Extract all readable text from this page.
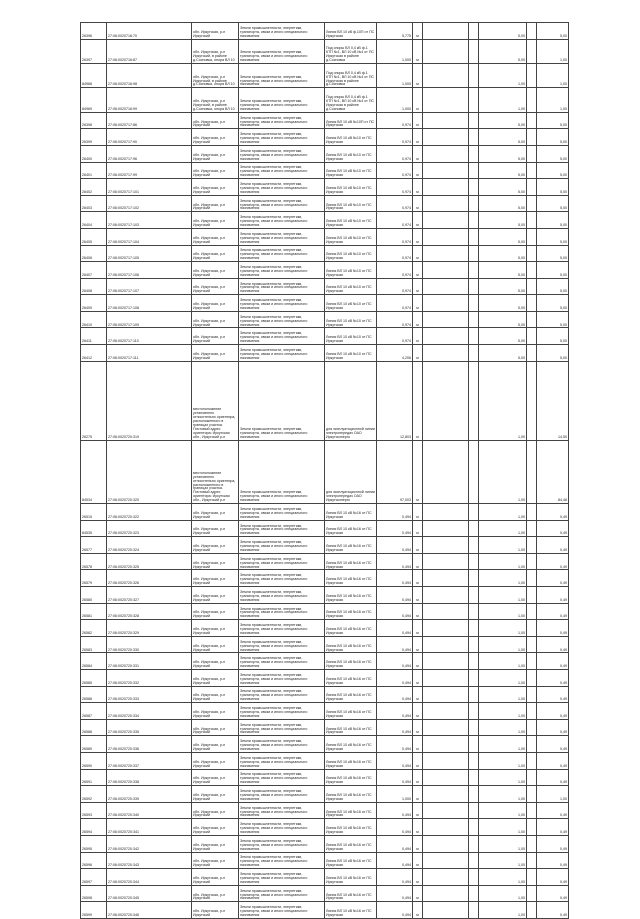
26396	27:06:0020716:70	обл. Иркутская, р-н Иркутский	Земли промышленности, энергетики, транспорта, связи и иного специального назначения	Линия ВЛ 10 кВ ф.10П от ПС Иркутская	5,775	м			5,00		5,00
26397	27:06:0020716:87	обл. Иркутская, р-н Иркутский, в районе д.Сосновка, опора ВЛ 10	Земли промышленности, энергетики, транспорта, связи и иного специального назначения	Под опоры ВЛ 0,4 кВ ф.1 КТП №1, ВЛ 10 кВ №4 от ПС Иркутская в районе д.Сосновка	1,000	м			5,00		1,00
84968	27:06:0020716:98	обл. Иркутская, р-н Иркутский, в районе д.Сосновка, опора ВЛ 10	Земли промышленности, энергетики, транспорта, связи и иного специального назначения	Под опоры ВЛ 0,4 кВ ф.1 КТП №1, ВЛ 10 кВ №4 от ПС Иркутская в районе д.Сосновка	1,000	м			1,00		1,00
84969	27:06:0020716:99	обл. Иркутская, р-н Иркутский, в районе д.Сосновка, опора ВЛ 10	Земли промышленности, энергетики, транспорта, связи и иного специального назначения	Под опоры ВЛ 0,4 кВ ф.1 КТП №1, ВЛ 10 кВ №4 от ПС Иркутская в районе д.Сосновка	1,000	м			1,00		1,00
26398	27:06:0020717:86	обл. Иркутская, р-н Иркутский	Земли промышленности, энергетики, транспорта, связи и иного специального назначения	Линия ВЛ 10 кВ №10П от ПС Иркутская	0,974	м			5,00		5,00
26399	27:06:0020717:90	обл. Иркутская, р-н Иркутский	Земли промышленности, энергетики, транспорта, связи и иного специального назначения	Линия ВЛ 10 кВ №10 от ПС Иркутская	0,974	м			5,00		5,00
26400	27:06:0020717:96	обл. Иркутская, р-н Иркутский	Земли промышленности, энергетики, транспорта, связи и иного специального назначения	Линия ВЛ 10 кВ №10 от ПС Иркутская	0,974	м			5,00		5,00
26401	27:06:0020717:99	обл. Иркутская, р-н Иркутский	Земли промышленности, энергетики, транспорта, связи и иного специального назначения	Линия ВЛ 10 кВ №10 от ПС Иркутская	0,974	м			5,00		5,00
26402	27:06:0020717:101	обл. Иркутская, р-н Иркутский	Земли промышленности, энергетики, транспорта, связи и иного специального назначения	Линия ВЛ 10 кВ №10 от ПС Иркутская	0,974	м			5,00		5,00
26403	27:06:0020717:102	обл. Иркутская, р-н Иркутский	Земли промышленности, энергетики, транспорта, связи и иного специального назначения	Линия ВЛ 10 кВ №10 от ПС Иркутская	0,974	м			5,00		5,00
26404	27:06:0020717:103	обл. Иркутская, р-н Иркутский	Земли промышленности, энергетики, транспорта, связи и иного специального назначения	Линия ВЛ 10 кВ №10 от ПС Иркутская	0,974	м			5,00		5,00
26405	27:06:0020717:104	обл. Иркутская, р-н Иркутский	Земли промышленности, энергетики, транспорта, связи и иного специального назначения	Линия ВЛ 10 кВ №10 от ПС Иркутская	0,974	м			5,00		5,00
26406	27:06:0020717:105	обл. Иркутская, р-н Иркутский	Земли промышленности, энергетики, транспорта, связи и иного специального назначения	Линия ВЛ 10 кВ №10 от ПС Иркутская	0,974	м			5,00		5,00
26407	27:06:0020717:106	обл. Иркутская, р-н Иркутский	Земли промышленности, энергетики, транспорта, связи и иного специального назначения	Линия ВЛ 10 кВ №10 от ПС Иркутская	0,974	м			5,00		5,00
26408	27:06:0020717:107	обл. Иркутская, р-н Иркутский	Земли промышленности, энергетики, транспорта, связи и иного специального назначения	Линия ВЛ 10 кВ №10 от ПС Иркутская	0,974	м			5,00		5,00
26409	27:06:0020717:108	обл. Иркутская, р-н Иркутский	Земли промышленности, энергетики, транспорта, связи и иного специального назначения	Линия ВЛ 10 кВ №10 от ПС Иркутская	0,974	м			5,00		5,00
26410	27:06:0020717:109	обл. Иркутская, р-н Иркутский	Земли промышленности, энергетики, транспорта, связи и иного специального назначения	Линия ВЛ 10 кВ №10 от ПС Иркутская	0,974	м			5,00		5,00
26411	27:06:0020717:110	обл. Иркутская, р-н Иркутский	Земли промышленности, энергетики, транспорта, связи и иного специального назначения	Линия ВЛ 10 кВ №10 от ПС Иркутская	0,974	м			5,00		5,00
26412	27:06:0020717:111	обл. Иркутская, р-н Иркутский	Земли промышленности, энергетики, транспорта, связи и иного специального назначения	Линия ВЛ 10 кВ №10 от ПС Иркутская	4,206	м			5,00		5,00
26275	27:06:0020720:319	местоположение установлено относительно ориентира, расположенного в границах участка. Почтовый адрес ориентира: Иркутская обл., Иркутский р-н	Земли промышленности, энергетики, транспорта, связи и иного специального назначения	для эксплуатационной линии электропередач ОАО Иркутскэнерго	12,803	м			1,00		14,50
84534	27:06:0020720:320	местоположение установлено относительно ориентира, расположенного в границах участка. Почтовый адрес ориентира: Иркутская обл., Иркутский р-н	Земли промышленности, энергетики, транспорта, связи и иного специального назначения	для эксплуатационной линии электропередач ОАО Иркутскэнерго	97,003	м			1,00		84,46
26515	27:06:0020720:322	обл. Иркутская, р-н Иркутский	Земли промышленности, энергетики, транспорта, связи и иного специального назначения	Линия ВЛ 10 кВ №16 от ПС Иркутская	0,494	м			1,00		0,49
84535	27:06:0020720:323	обл. Иркутская, р-н Иркутский	Земли промышленности, энергетики, транспорта, связи и иного специального назначения	Линия ВЛ 10 кВ №16 от ПС Иркутская	0,494	м			1,00		0,49
26577	27:06:0020720:324	обл. Иркутская, р-н Иркутский	Земли промышленности, энергетики, транспорта, связи и иного специального назначения	Линия ВЛ 10 кВ №16 от ПС Иркутская	0,494	м			1,00		0,49
26578	27:06:0020720:325	обл. Иркутская, р-н Иркутский	Земли промышленности, энергетики, транспорта, связи и иного специального назначения	Линия ВЛ 10 кВ №16 от ПС Иркутская	0,494	м			1,00		0,49
26579	27:06:0020720:326	обл. Иркутская, р-н Иркутский	Земли промышленности, энергетики, транспорта, связи и иного специального назначения	Линия ВЛ 10 кВ №16 от ПС Иркутская	0,494	м			1,00		0,49
26580	27:06:0020720:327	обл. Иркутская, р-н Иркутский	Земли промышленности, энергетики, транспорта, связи и иного специального назначения	Линия ВЛ 10 кВ №16 от ПС Иркутская	0,494	м			1,00		0,49
26581	27:06:0020720:328	обл. Иркутская, р-н Иркутский	Земли промышленности, энергетики, транспорта, связи и иного специального назначения	Линия ВЛ 10 кВ №16 от ПС Иркутская	0,494	м			1,00		0,49
26582	27:06:0020720:329	обл. Иркутская, р-н Иркутский	Земли промышленности, энергетики, транспорта, связи и иного специального назначения	Линия ВЛ 10 кВ №16 от ПС Иркутская	0,494	м			1,00		0,49
26583	27:06:0020720:330	обл. Иркутская, р-н Иркутский	Земли промышленности, энергетики, транспорта, связи и иного специального назначения	Линия ВЛ 10 кВ №16 от ПС Иркутская	0,494	м			1,00		0,49
26584	27:06:0020720:331	обл. Иркутская, р-н Иркутский	Земли промышленности, энергетики, транспорта, связи и иного специального назначения	Линия ВЛ 10 кВ №16 от ПС Иркутская	0,494	м			1,00		0,49
26585	27:06:0020720:332	обл. Иркутская, р-н Иркутский	Земли промышленности, энергетики, транспорта, связи и иного специального назначения	Линия ВЛ 10 кВ №16 от ПС Иркутская	0,494	м			1,00		0,49
26586	27:06:0020720:333	обл. Иркутская, р-н Иркутский	Земли промышленности, энергетики, транспорта, связи и иного специального назначения	Линия ВЛ 10 кВ №16 от ПС Иркутская	0,494	м			1,00		0,49
26587	27:06:0020720:334	обл. Иркутская, р-н Иркутский	Земли промышленности, энергетики, транспорта, связи и иного специального назначения	Линия ВЛ 10 кВ №16 от ПС Иркутская	0,494	м			1,00		0,49
26588	27:06:0020720:335	обл. Иркутская, р-н Иркутский	Земли промышленности, энергетики, транспорта, связи и иного специального назначения	Линия ВЛ 10 кВ №16 от ПС Иркутская	0,494	м			1,00		0,49
26589	27:06:0020720:336	обл. Иркутская, р-н Иркутский	Земли промышленности, энергетики, транспорта, связи и иного специального назначения	Линия ВЛ 10 кВ №16 от ПС Иркутская	0,494	м			1,00		0,49
26590	27:06:0020720:337	обл. Иркутская, р-н Иркутский	Земли промышленности, энергетики, транспорта, связи и иного специального назначения	Линия ВЛ 10 кВ №16 от ПС Иркутская	0,494	м			1,00		0,49
26591	27:06:0020720:338	обл. Иркутская, р-н Иркутский	Земли промышленности, энергетики, транспорта, связи и иного специального назначения	Линия ВЛ 10 кВ №16 от ПС Иркутская	0,494	м			1,00		0,49
26592	27:06:0020720:339	обл. Иркутская, р-н Иркутский	Земли промышленности, энергетики, транспорта, связи и иного специального назначения	Линия ВЛ 10 кВ №16 от ПС Иркутская	1,000	м			1,00		1,00
26593	27:06:0020720:340	обл. Иркутская, р-н Иркутский	Земли промышленности, энергетики, транспорта, связи и иного специального назначения	Линия ВЛ 10 кВ №16 от ПС Иркутская	0,494	м			1,00		0,49
26594	27:06:0020720:341	обл. Иркутская, р-н Иркутский	Земли промышленности, энергетики, транспорта, связи и иного специального назначения	Линия ВЛ 10 кВ №16 от ПС Иркутская	0,494	м			1,00		0,49
26595	27:06:0020720:342	обл. Иркутская, р-н Иркутский	Земли промышленности, энергетики, транспорта, связи и иного специального назначения	Линия ВЛ 10 кВ №16 от ПС Иркутская	0,494	м			1,00		0,49
26596	27:06:0020720:343	обл. Иркутская, р-н Иркутский	Земли промышленности, энергетики, транспорта, связи и иного специального назначения	Линия ВЛ 10 кВ №16 от ПС Иркутская	0,494	м			1,00		0,49
26597	27:06:0020720:344	обл. Иркутская, р-н Иркутский	Земли промышленности, энергетики, транспорта, связи и иного специального назначения	Линия ВЛ 10 кВ №16 от ПС Иркутская	0,494	м			1,00		0,49
26598	27:06:0020720:345	обл. Иркутская, р-н Иркутский	Земли промышленности, энергетики, транспорта, связи и иного специального назначения	Линия ВЛ 10 кВ №16 от ПС Иркутская	0,494	м			1,00		0,49
26599	27:06:0020720:346	обл. Иркутская, р-н Иркутский	Земли промышленности, энергетики, транспорта, связи и иного специального назначения	Линия ВЛ 10 кВ №16 от ПС Иркутская	0,494	м			1,00		0,49
